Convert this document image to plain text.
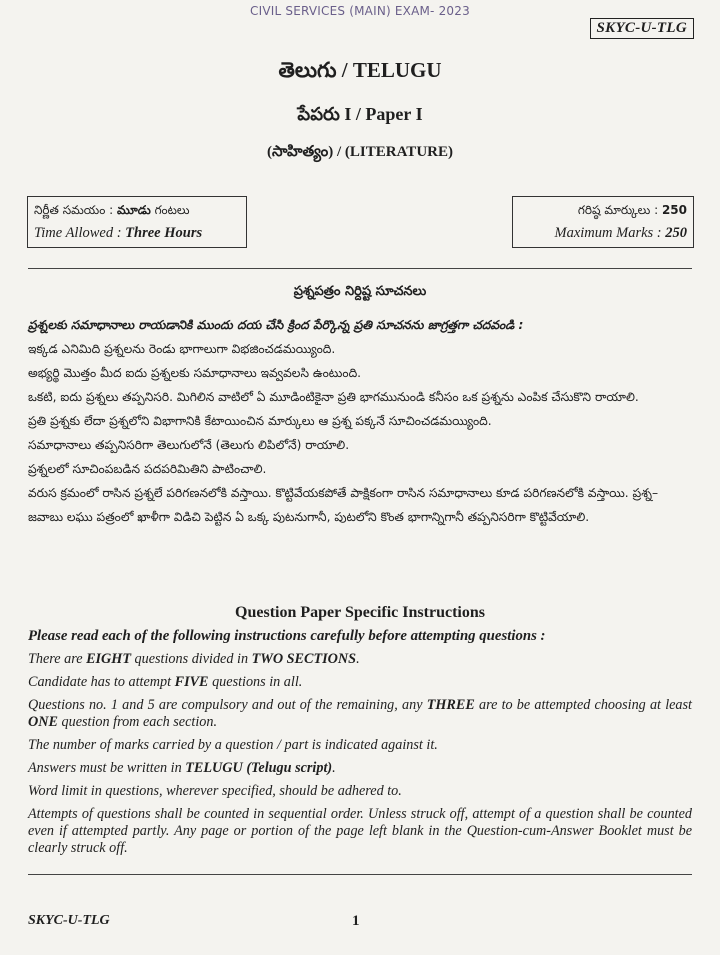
CIVIL SERVICES (MAIN) EXAM- 2023
SKYC-U-TLG
తెలుగు / TELUGU
పేపరు I / Paper I
(సాహిత్యం) / (LITERATURE)
నిర్ణీత సమయం : మూడు గంటలు
Time Allowed : Three Hours
గరిష్ఠ మార్కులు : 250
Maximum Marks : 250
ప్రశ్నపత్రం నిర్దిష్ట సూచనలు

ప్రశ్నలకు సమాధానాలు రాయడానికి ముందు దయ చేసి క్రింద పేర్కొన్న ప్రతి సూచనను జాగ్రత్తగా చదవండి :

ఇక్కడ ఎనిమిది ప్రశ్నలను రెండు భాగాలుగా విభజించడమయ్యింది.

అభ్యర్థి మొత్తం మీద ఐదు ప్రశ్నలకు సమాధానాలు ఇవ్వవలసి ఉంటుంది.

ఒకటి, ఐదు ప్రశ్నలు తప్పనిసరి. మిగిలిన వాటిలో ఏ మూడింటికైనా ప్రతి భాగమునుండి కనీసం ఒక ప్రశ్నను ఎంపిక చేసుకొని రాయాలి.

ప్రతి ప్రశ్నకు లేదా ప్రశ్నలోని విభాగానికి కేటాయించిన మార్కులు ఆ ప్రశ్న పక్కనే సూచించడమయ్యింది.

సమాధానాలు తప్పనిసరిగా తెలుగులోనే (తెలుగు లిపిలోనే) రాయాలి.

ప్రశ్నలలో సూచింపబడిన పదపరిమితిని పాటించాలి.

వరుస క్రమంలో రాసిన ప్రశ్నలే పరిగణనలోకి వస్తాయి. కొట్టివేయకపోతే పాక్షికంగా రాసిన సమాధానాలు కూడ పరిగణనలోకి వస్తాయి. ప్రశ్న–జవాబు లఘు పత్రంలో ఖాళీగా విడిచి పెట్టిన ఏ ఒక్క పుటనుగానీ, పుటలోని కొంత భాగాన్నిగానీ తప్పనిసరిగా కొట్టివేయాలి.

Question Paper Specific Instructions

Please read each of the following instructions carefully before attempting questions :

There are EIGHT questions divided in TWO SECTIONS.

Candidate has to attempt FIVE questions in all.

Questions no. 1 and 5 are compulsory and out of the remaining, any THREE are to be attempted choosing at least ONE question from each section.

The number of marks carried by a question / part is indicated against it.

Answers must be written in TELUGU (Telugu script).

Word limit in questions, wherever specified, should be adhered to.

Attempts of questions shall be counted in sequential order. Unless struck off, attempt of a question shall be counted even if attempted partly. Any page or portion of the page left blank in the Question-cum-Answer Booklet must be clearly struck off.

SKYC-U-TLG	1
